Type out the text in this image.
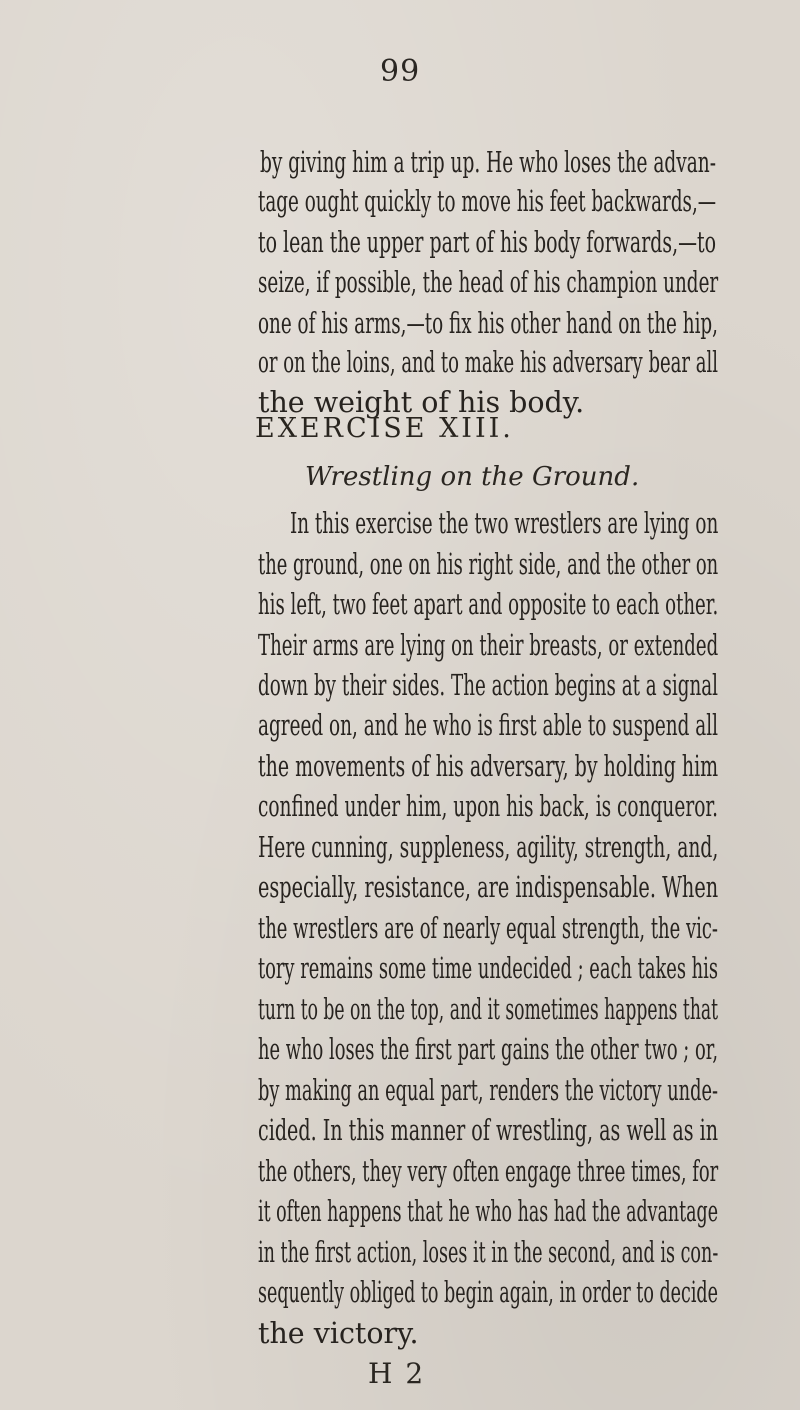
99
by giving him a trip up. He who loses the advan-
tage ought quickly to move his feet backwards,—
to lean the upper part of his body forwards,—to
seize, if possible, the head of his champion under
one of his arms,—to fix his other hand on the hip,
or on the loins, and to make his adversary bear all
the weight of his body.
EXERCISE XIII.
Wrestling on the Ground.
In this exercise the two wrestlers are lying on
the ground, one on his right side, and the other on
his left, two feet apart and opposite to each other.
Their arms are lying on their breasts, or extended
down by their sides. The action begins at a signal
agreed on, and he who is first able to suspend all
the movements of his adversary, by holding him
confined under him, upon his back, is conqueror.
Here cunning, suppleness, agility, strength, and,
especially, resistance, are indispensable. When
the wrestlers are of nearly equal strength, the vic-
tory remains some time undecided ; each takes his
turn to be on the top, and it sometimes happens that
he who loses the first part gains the other two ; or,
by making an equal part, renders the victory unde-
cided. In this manner of wrestling, as well as in
the others, they very often engage three times, for
it often happens that he who has had the advantage
in the first action, loses it in the second, and is con-
sequently obliged to begin again, in order to decide
the victory.
H 2
